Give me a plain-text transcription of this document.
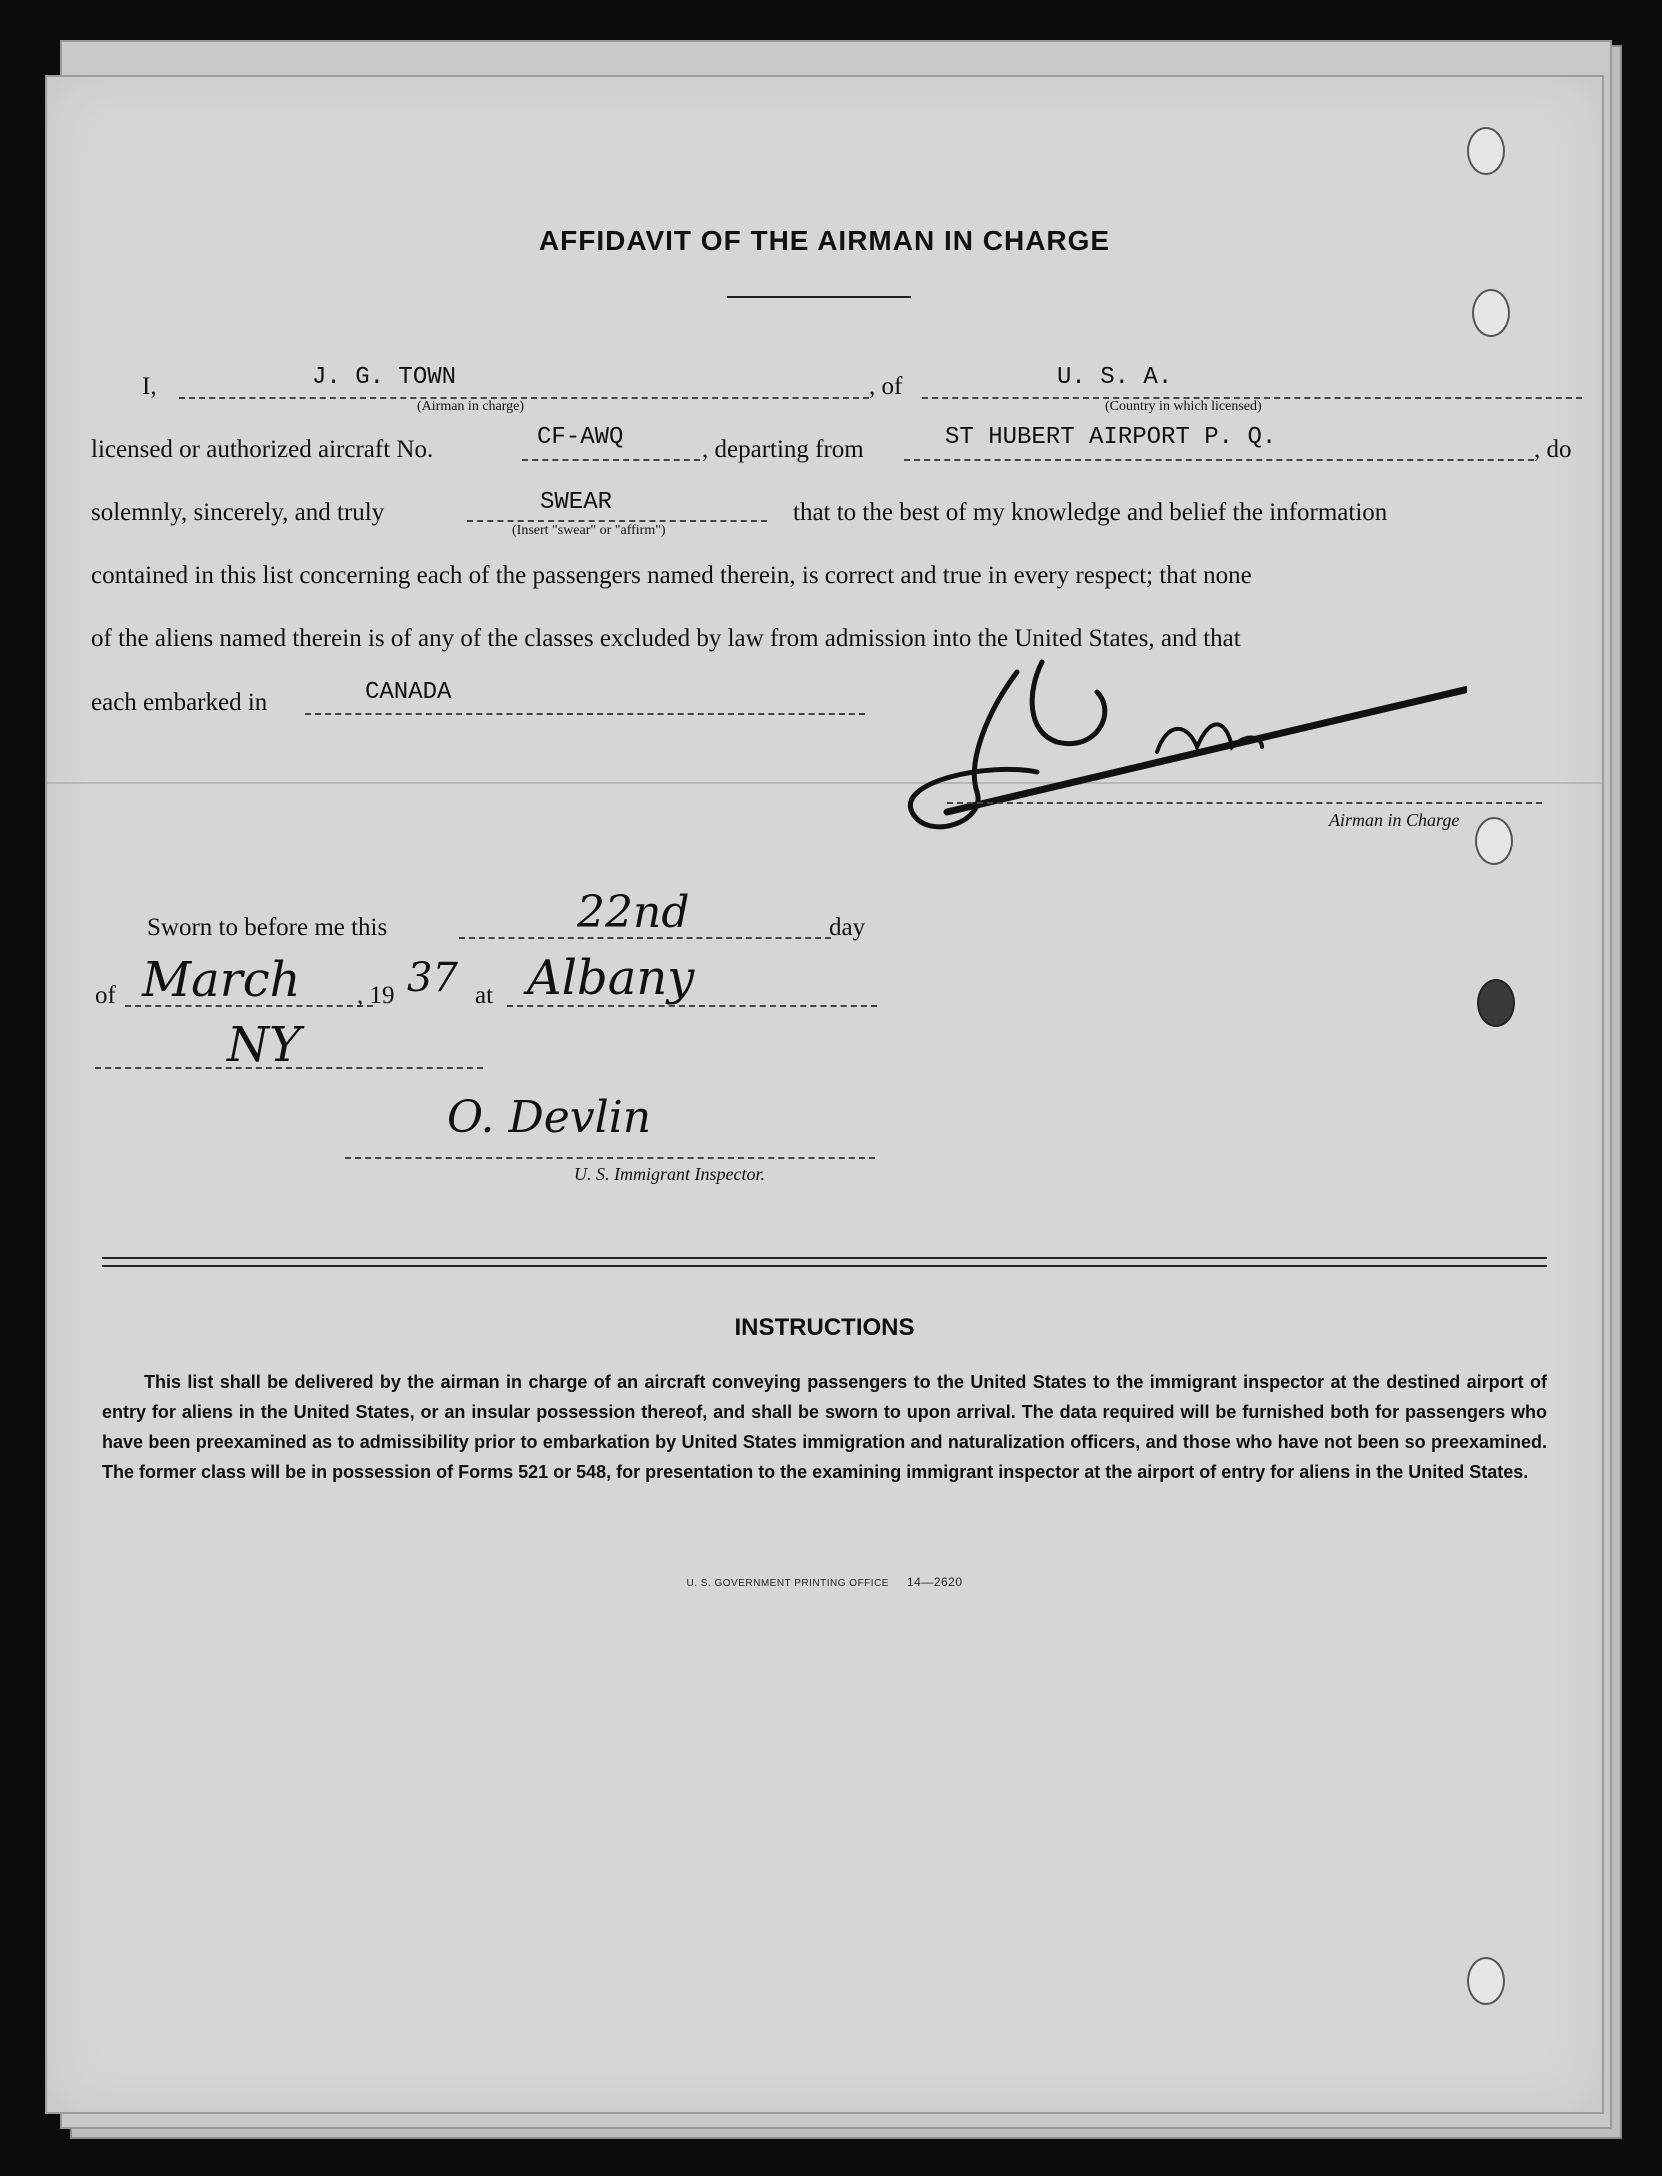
AFFIDAVIT OF THE AIRMAN IN CHARGE
I,	J. G. TOWN
(Airman in charge)
, of	U. S. A.
(Country in which licensed)
licensed or authorized aircraft No.	CF-AWQ	, departing from	ST HUBERT AIRPORT P. Q.	, do
solemnly, sincerely, and truly	SWEAR
(Insert "swear" or "affirm")
that to the best of my knowledge and belief the information
contained in this list concerning each of the passengers named therein, is correct and true in every respect; that none
of the aliens named therein is of any of the classes excluded by law from admission into the United States, and that
each embarked in	CANADA
Airman in Charge
Sworn to before me this	22nd	day
of March , 19 37 at Albany
NY
O. Devlin
U. S. Immigrant Inspector.
INSTRUCTIONS
This list shall be delivered by the airman in charge of an aircraft conveying passengers to the United States to the immigrant inspector at the destined airport of entry for aliens in the United States, or an insular possession thereof, and shall be sworn to upon arrival. The data required will be furnished both for passengers who have been preexamined as to admissibility prior to embarkation by United States immigration and naturalization officers, and those who have not been so preexamined. The former class will be in possession of Forms 521 or 548, for presentation to the examining immigrant inspector at the airport of entry for aliens in the United States.
U. S. GOVERNMENT PRINTING OFFICE 14—2620
